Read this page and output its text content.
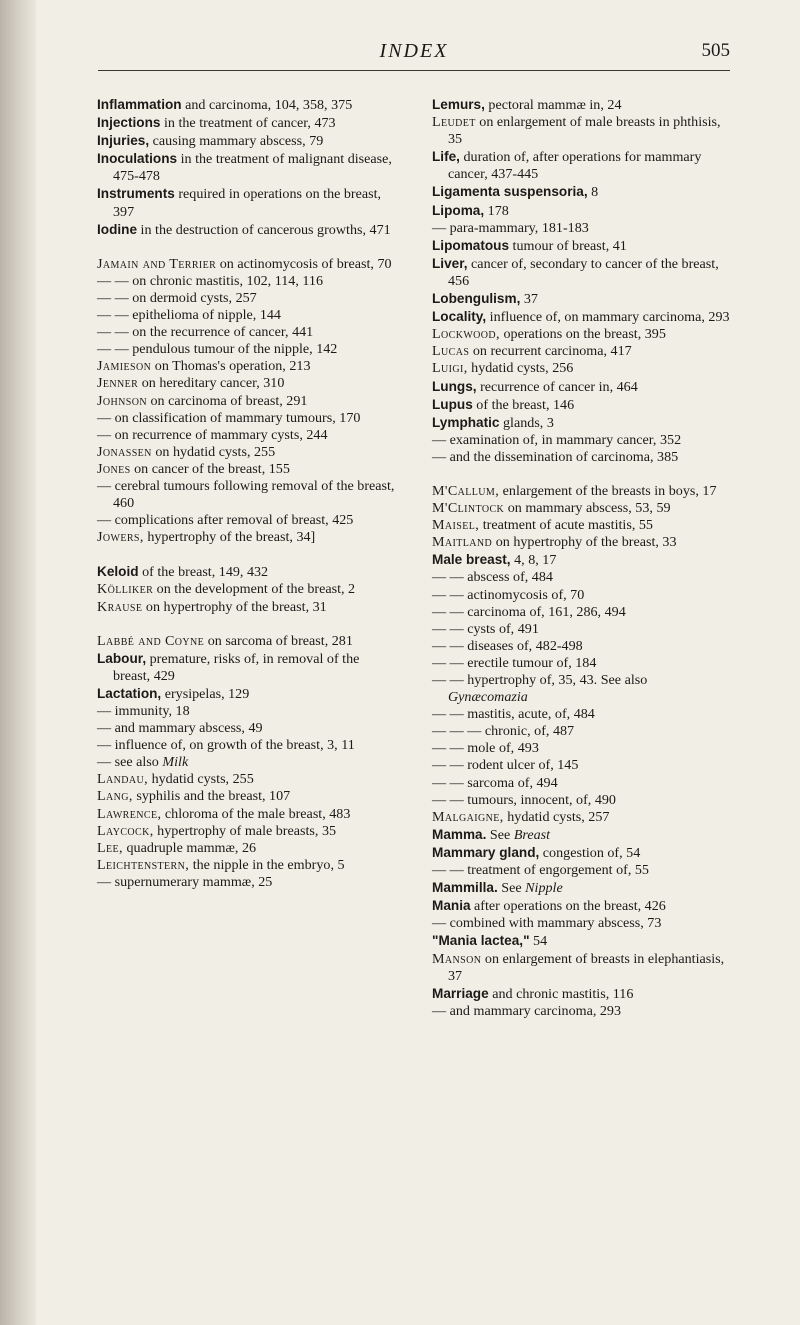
INDEX	505
Inflammation and carcinoma, 104, 358, 375
Injections in the treatment of cancer, 473
Injuries, causing mammary abscess, 79
Inoculations in the treatment of malignant disease, 475-478
Instruments required in operations on the breast, 397
Iodine in the destruction of cancerous growths, 471
Jamain and Terrier on actinomycosis of breast, 70
— — on chronic mastitis, 102, 114, 116
— — on dermoid cysts, 257
— — epithelioma of nipple, 144
— — on the recurrence of cancer, 441
— — pendulous tumour of the nipple, 142
Jamieson on Thomas's operation, 213
Jenner on hereditary cancer, 310
Johnson on carcinoma of breast, 291
— on classification of mammary tumours, 170
— on recurrence of mammary cysts, 244
Jonassen on hydatid cysts, 255
Jones on cancer of the breast, 155
— cerebral tumours following removal of the breast, 460
— complications after removal of breast, 425
Jowers, hypertrophy of the breast, 34]
Keloid of the breast, 149, 432
Kölliker on the development of the breast, 2
Krause on hypertrophy of the breast, 31
Labbé and Coyne on sarcoma of breast, 281
Labour, premature, risks of, in removal of the breast, 429
Lactation, erysipelas, 129
— immunity, 18
— and mammary abscess, 49
— influence of, on growth of the breast, 3, 11
— see also Milk
Landau, hydatid cysts, 255
Lang, syphilis and the breast, 107
Lawrence, chloroma of the male breast, 483
Laycock, hypertrophy of male breasts, 35
Lee, quadruple mammæ, 26
Leichtenstern, the nipple in the embryo, 5
— supernumerary mammæ, 25
Lemurs, pectoral mammæ in, 24
Leudet on enlargement of male breasts in phthisis, 35
Life, duration of, after operations for mammary cancer, 437-445
Ligamenta suspensoria, 8
Lipoma, 178
— para-mammary, 181-183
Lipomatous tumour of breast, 41
Liver, cancer of, secondary to cancer of the breast, 456
Lobengulism, 37
Locality, influence of, on mammary carcinoma, 293
Lockwood, operations on the breast, 395
Lucas on recurrent carcinoma, 417
Luigi, hydatid cysts, 256
Lungs, recurrence of cancer in, 464
Lupus of the breast, 146
Lymphatic glands, 3
— examination of, in mammary cancer, 352
— and the dissemination of carcinoma, 385
M'Callum, enlargement of the breasts in boys, 17
M'Clintock on mammary abscess, 53, 59
Maisel, treatment of acute mastitis, 55
Maitland on hypertrophy of the breast, 33
Male breast, 4, 8, 17
— — abscess of, 484
— — actinomycosis of, 70
— — carcinoma of, 161, 286, 494
— — cysts of, 491
— — diseases of, 482-498
— — erectile tumour of, 184
— — hypertrophy of, 35, 43. See also Gynæcomazia
— — mastitis, acute, of, 484
— — — chronic, of, 487
— — mole of, 493
— — rodent ulcer of, 145
— — sarcoma of, 494
— — tumours, innocent, of, 490
Malgaigne, hydatid cysts, 257
Mamma. See Breast
Mammary gland, congestion of, 54
— — treatment of engorgement of, 55
Mammilla. See Nipple
Mania after operations on the breast, 426
— combined with mammary abscess, 73
"Mania lactea," 54
Manson on enlargement of breasts in elephantiasis, 37
Marriage and chronic mastitis, 116
— and mammary carcinoma, 293
